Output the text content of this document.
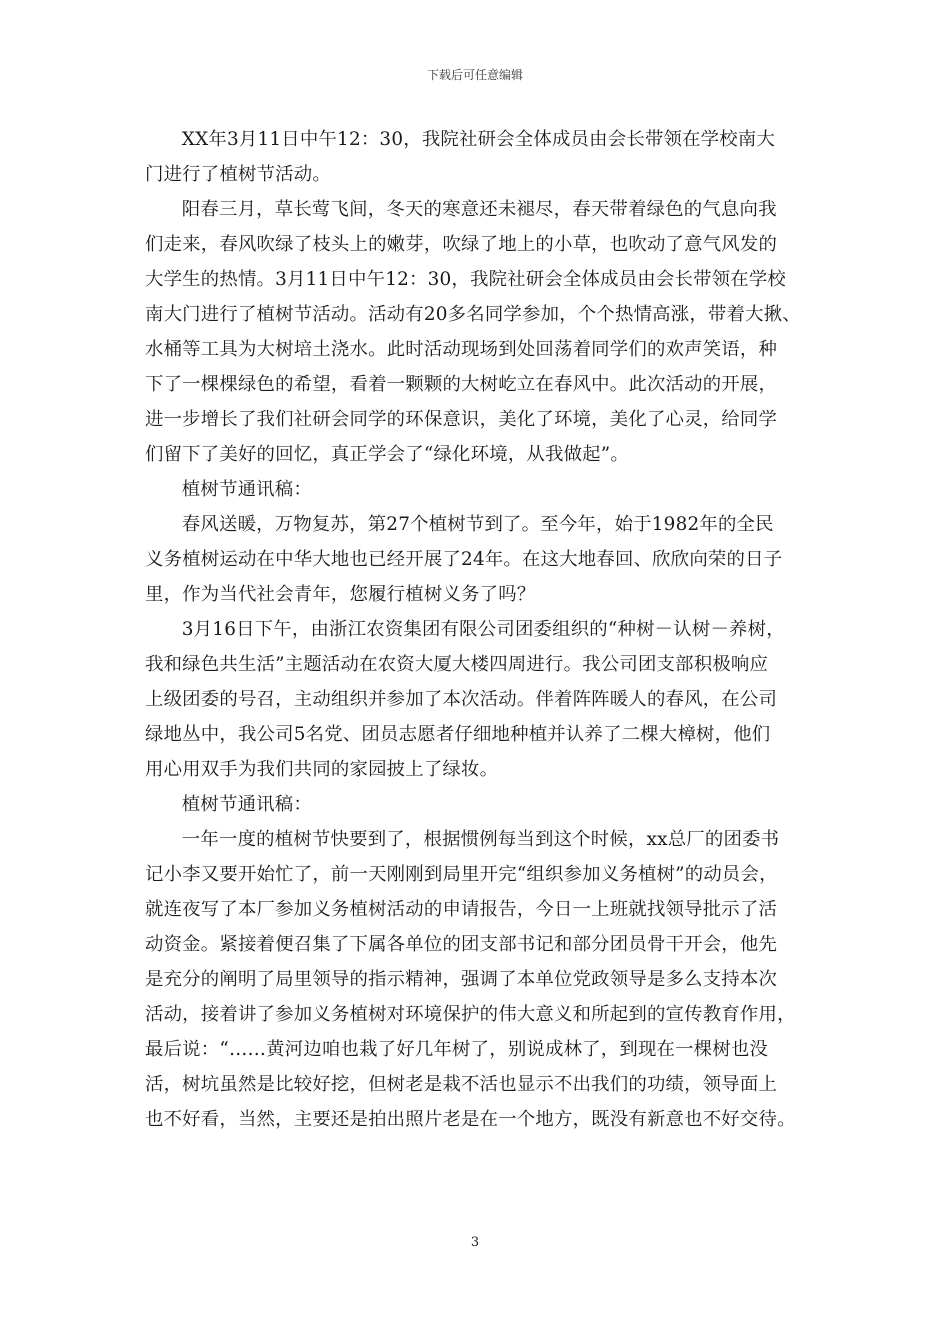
下载后可任意编辑

XX年3月11日中午12：30，我院社研会全体成员由会长带领在学校南大
门进行了植树节活动。

阳春三月，草长莺飞间，冬天的寒意还未褪尽，春天带着绿色的气息向我
们走来，春风吹绿了枝头上的嫩芽，吹绿了地上的小草，也吹动了意气风发的
大学生的热情。3月11日中午12：30，我院社研会全体成员由会长带领在学校
南大门进行了植树节活动。活动有20多名同学参加，个个热情高涨，带着大揪、
水桶等工具为大树培土浇水。此时活动现场到处回荡着同学们的欢声笑语，种
下了一棵棵绿色的希望，看着一颗颗的大树屹立在春风中。此次活动的开展，
进一步增长了我们社研会同学的环保意识，美化了环境，美化了心灵，给同学
们留下了美好的回忆，真正学会了“绿化环境，从我做起”。

植树节通讯稿：

春风送暖，万物复苏，第27个植树节到了。至今年，始于1982年的全民
义务植树运动在中华大地也已经开展了24年。在这大地春回、欣欣向荣的日子
里，作为当代社会青年，您履行植树义务了吗？

3月16日下午，由浙江农资集团有限公司团委组织的“种树－认树－养树，
我和绿色共生活”主题活动在农资大厦大楼四周进行。我公司团支部积极响应
上级团委的号召，主动组织并参加了本次活动。伴着阵阵暖人的春风，在公司
绿地丛中，我公司5名党、团员志愿者仔细地种植并认养了二棵大樟树，他们
用心用双手为我们共同的家园披上了绿妆。

植树节通讯稿：

一年一度的植树节快要到了，根据惯例每当到这个时候，xx总厂的团委书
记小李又要开始忙了，前一天刚刚到局里开完“组织参加义务植树”的动员会，
就连夜写了本厂参加义务植树活动的申请报告，今日一上班就找领导批示了活
动资金。紧接着便召集了下属各单位的团支部书记和部分团员骨干开会，他先
是充分的阐明了局里领导的指示精神，强调了本单位党政领导是多么支持本次
活动，接着讲了参加义务植树对环境保护的伟大意义和所起到的宣传教育作用，
最后说：“……黄河边咱也栽了好几年树了，别说成林了，到现在一棵树也没
活，树坑虽然是比较好挖，但树老是栽不活也显示不出我们的功绩，领导面上
也不好看，当然，主要还是拍出照片老是在一个地方，既没有新意也不好交待。

3
